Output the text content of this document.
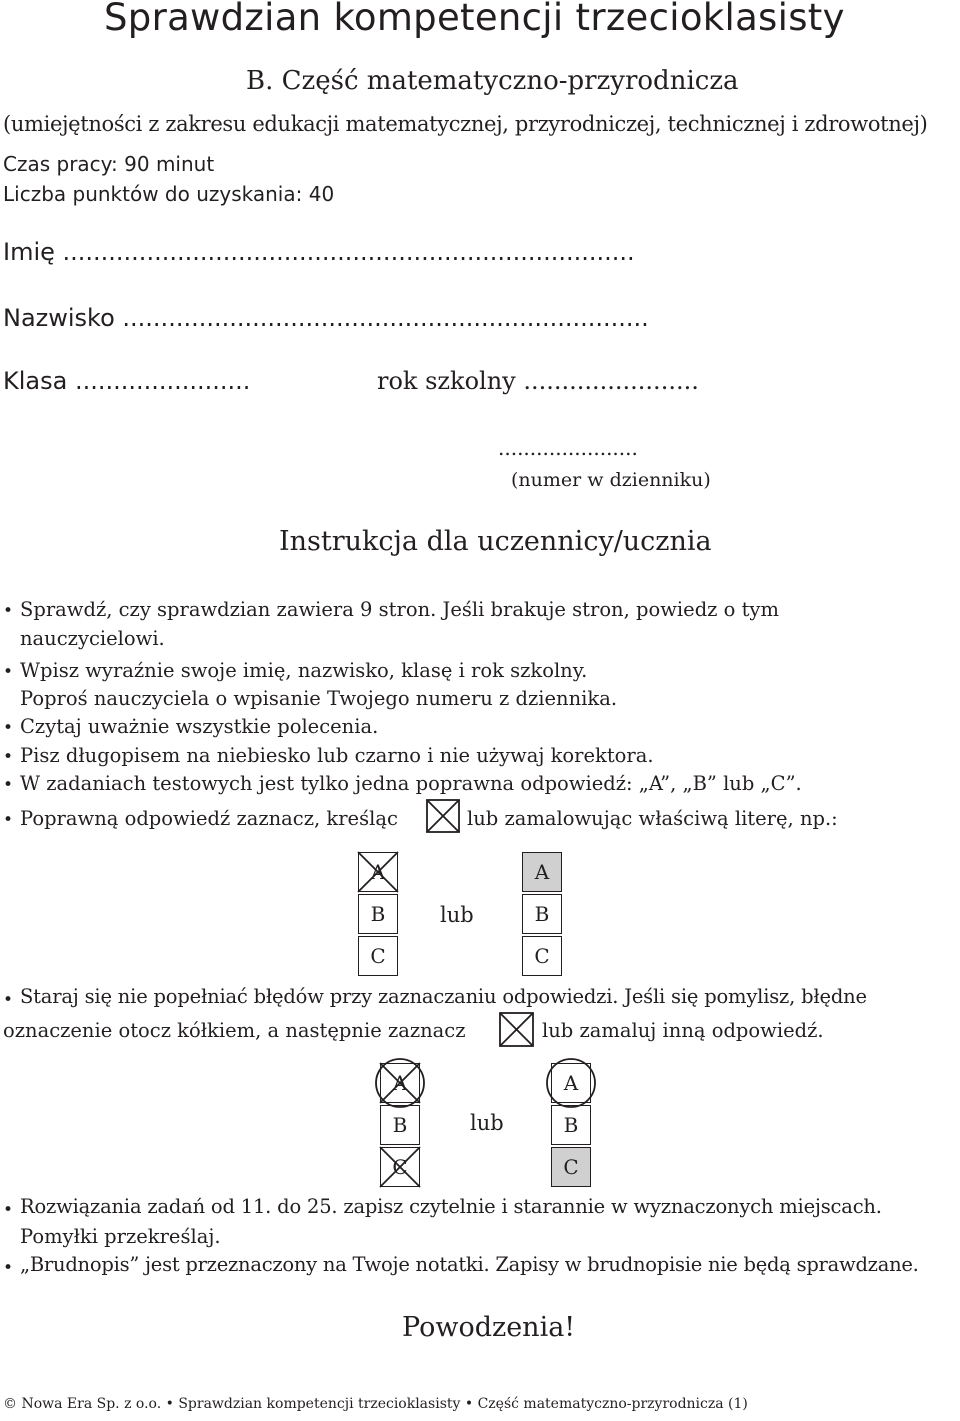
Sprawdzian kompetencji trzecioklasisty
B. Część matematyczno-przyrodnicza
(umiejętności z zakresu edukacji matematycznej, przyrodniczej, technicznej i zdrowotnej)
Czas pracy: 90 minut
Liczba punktów do uzyskania: 40
Imię ...........................................................................
Nazwisko .....................................................................
Klasa .......................	rok szkolny .......................
......................
(numer w dzienniku)
Instrukcja dla uczennicy/ucznia
• Sprawdź, czy sprawdzian zawiera 9 stron. Jeśli brakuje stron, powiedz o tym
nauczycielowi.
• Wpisz wyraźnie swoje imię, nazwisko, klasę i rok szkolny.
Poproś nauczyciela o wpisanie Twojego numeru z dziennika.
• Czytaj uważnie wszystkie polecenia.
• Pisz długopisem na niebiesko lub czarno i nie używaj korektora.
• W zadaniach testowych jest tylko jedna poprawna odpowiedź: „A”, „B” lub „C”.
• Poprawną odpowiedź zaznacz, kreśląc	lub zamalowując właściwą literę, np.:
A
B
C
lub
A
B
C
• Staraj się nie popełniać błędów przy zaznaczaniu odpowiedzi. Jeśli się pomylisz, błędne
oznaczenie otocz kółkiem, a następnie zaznacz	lub zamaluj inną odpowiedź.
A
B
C
lub
A
B
C
• Rozwiązania zadań od 11. do 25. zapisz czytelnie i starannie w wyznaczonych miejscach.
Pomyłki przekreślaj.
• „Brudnopis” jest przeznaczony na Twoje notatki. Zapisy w brudnopisie nie będą sprawdzane.
Powodzenia!
© Nowa Era Sp. z o.o. • Sprawdzian kompetencji trzecioklasisty • Część matematyczno-przyrodnicza (1)
